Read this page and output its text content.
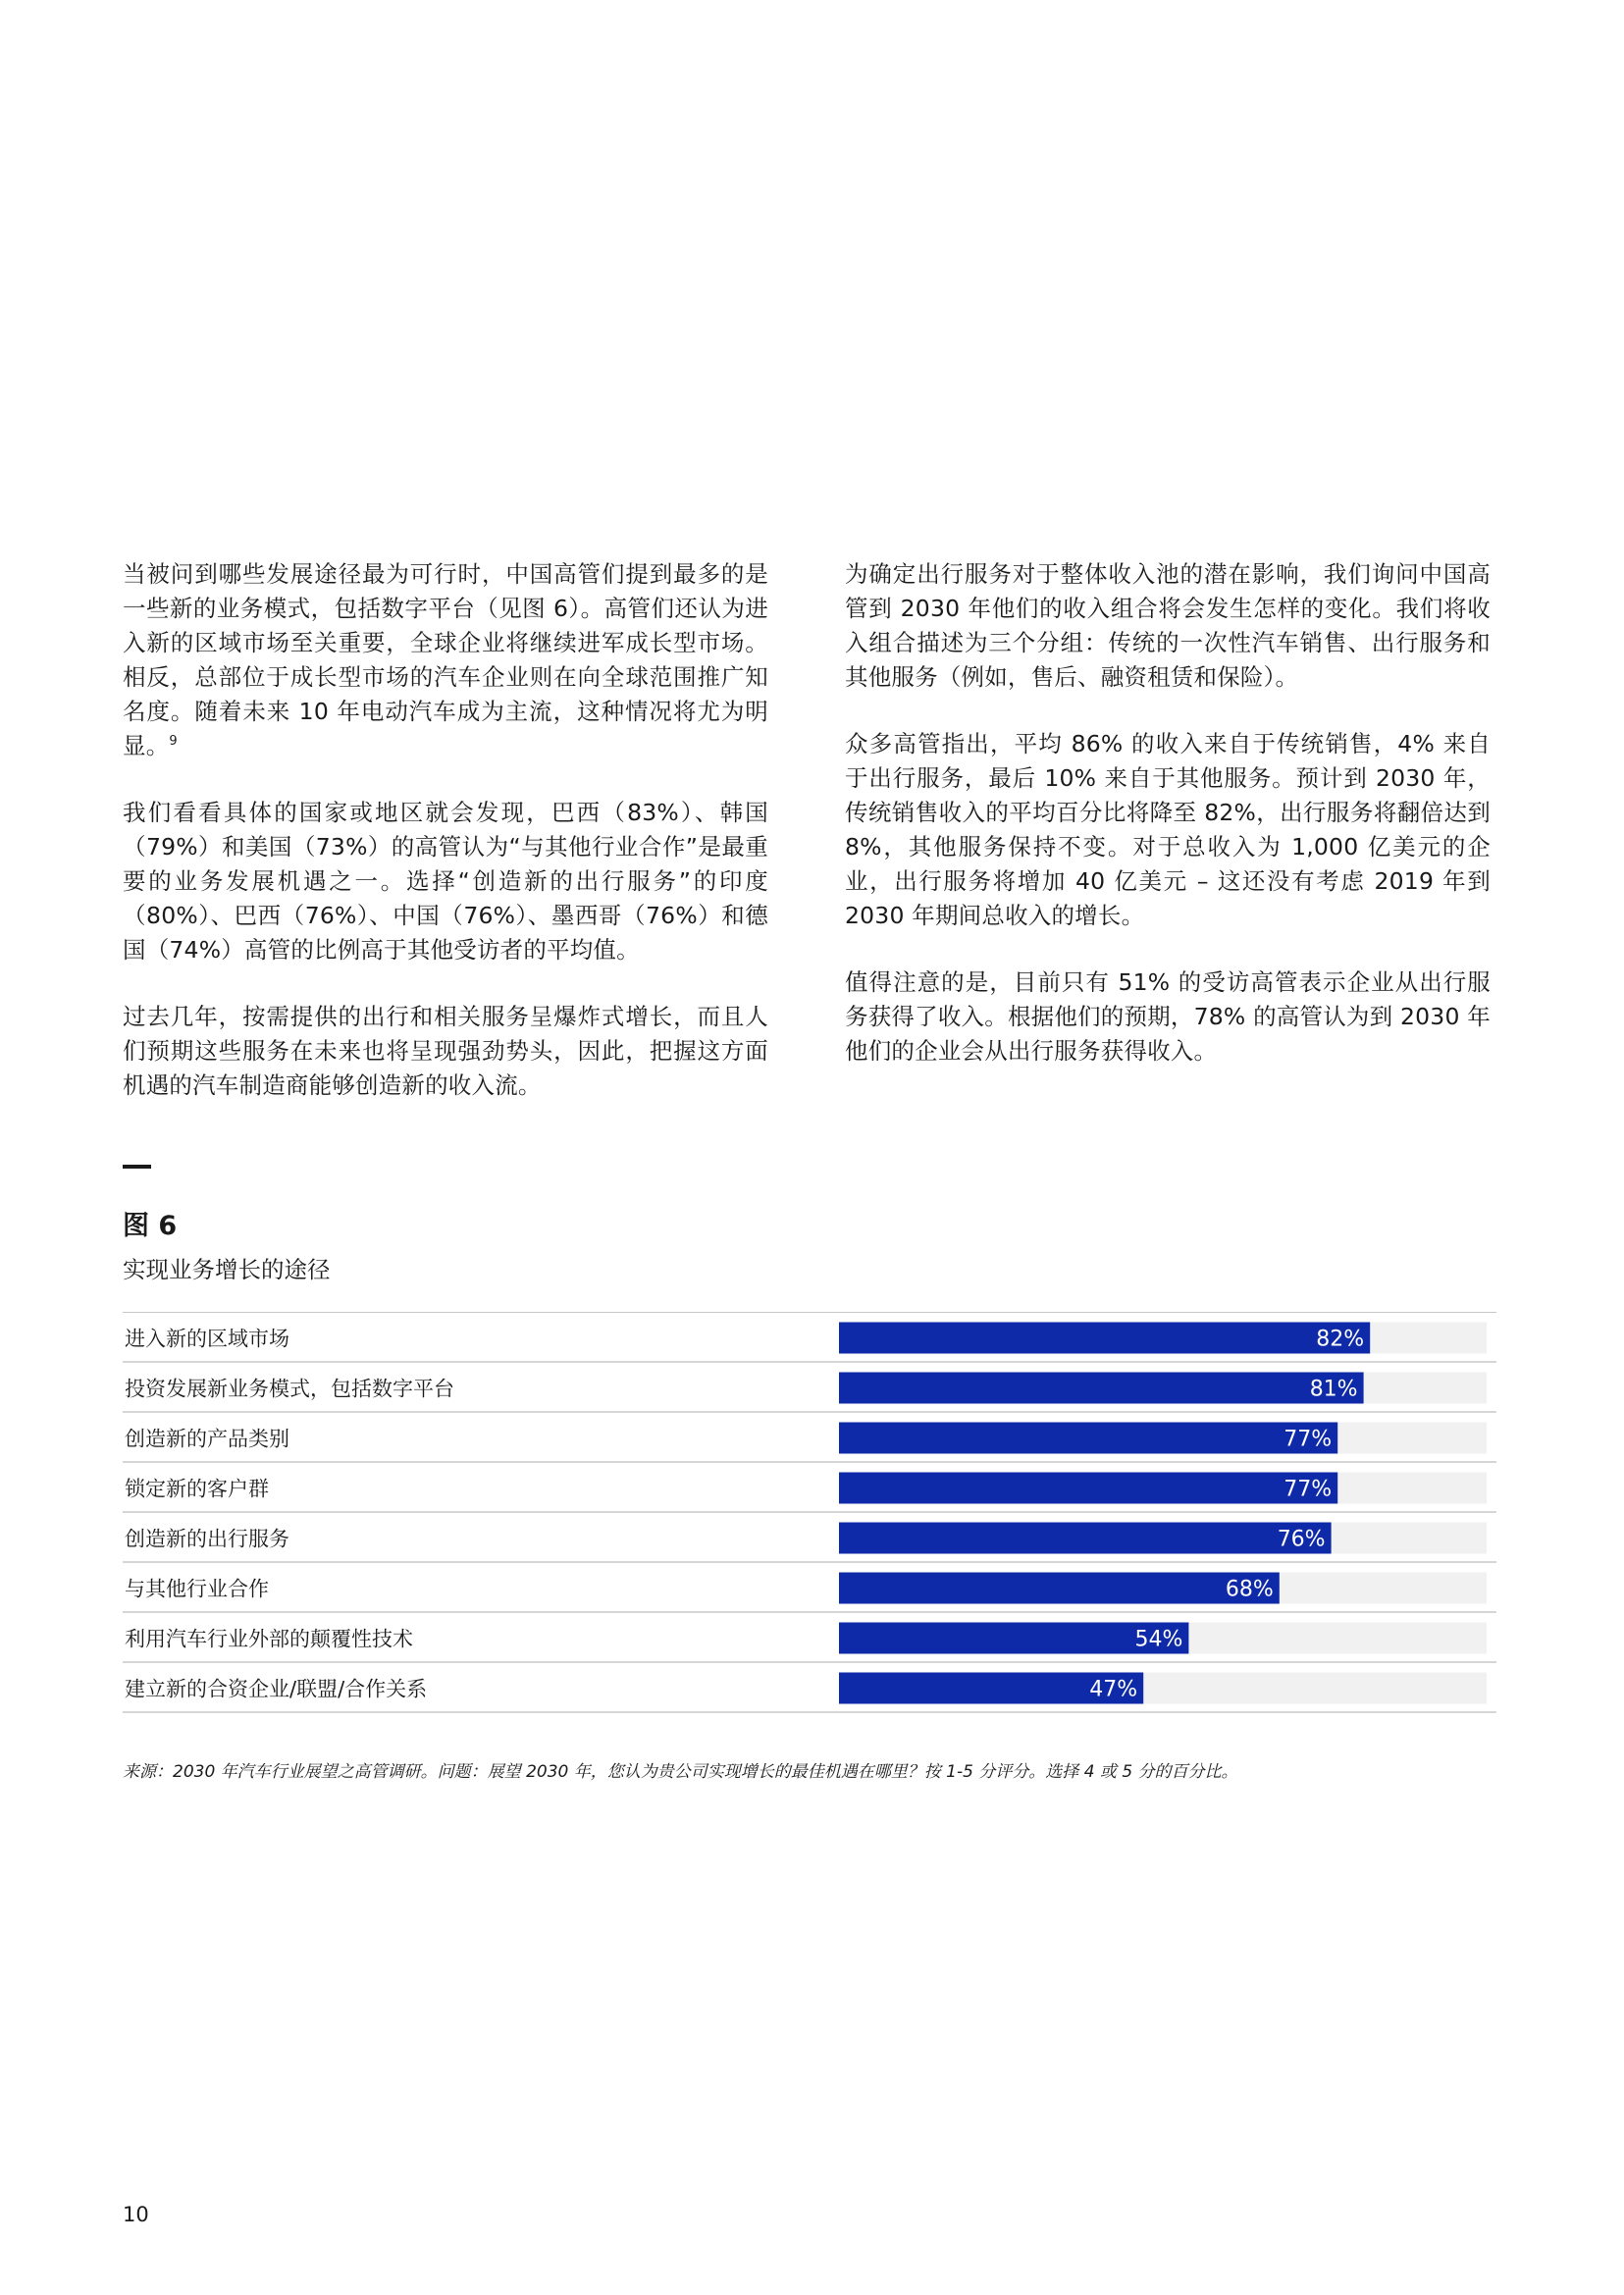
当被问到哪些发展途径最为可行时，中国高管们提到最多的是一些新的业务模式，包括数字平台（见图 6）。高管们还认为进入新的区域市场至关重要，全球企业将继续进军成长型市场。相反，总部位于成长型市场的汽车企业则在向全球范围推广知名度。随着未来 10 年电动汽车成为主流，这种情况将尤为明显。$^9$

我们看看具体的国家或地区就会发现，巴西（83%）、韩国（79%）和美国（73%）的高管认为“与其他行业合作”是最重要的业务发展机遇之一。选择“创造新的出行服务”的印度（80%）、巴西（76%）、中国（76%）、墨西哥（76%）和德国（74%）高管的比例高于其他受访者的平均值。

过去几年，按需提供的出行和相关服务呈爆炸式增长，而且人们预期这些服务在未来也将呈现强劲势头，因此，把握这方面机遇的汽车制造商能够创造新的收入流。

为确定出行服务对于整体收入池的潜在影响，我们询问中国高管到 2030 年他们的收入组合将会发生怎样的变化。我们将收入组合描述为三个分组：传统的一次性汽车销售、出行服务和其他服务（例如，售后、融资租赁和保险）。

众多高管指出，平均 86% 的收入来自于传统销售，4% 来自于出行服务，最后 10% 来自于其他服务。预计到 2030 年，传统销售收入的平均百分比将降至 82%，出行服务将翻倍达到 8%，其他服务保持不变。对于总收入为 1,000 亿美元的企业，出行服务将增加 40 亿美元 – 这还没有考虑 2019 年到 2030 年期间总收入的增长。

值得注意的是，目前只有 51% 的受访高管表示企业从出行服务获得了收入。根据他们的预期，78% 的高管认为到 2030 年他们的企业会从出行服务获得收入。

图 6
实现业务增长的途径
82%
进入新的区域市场
81%
投资发展新业务模式，包括数字平台
77%
创造新的产品类别
77%
锁定新的客户群
76%
创造新的出行服务
68%
与其他行业合作
54%
利用汽车行业外部的颠覆性技术
47%
建立新的合资企业/联盟/合作关系
来源：2030 年汽车行业展望之高管调研。问题：展望 2030 年，您认为贵公司实现增长的最佳机遇在哪里？按 1-5 分评分。选择 4 或 5 分的百分比。
10
